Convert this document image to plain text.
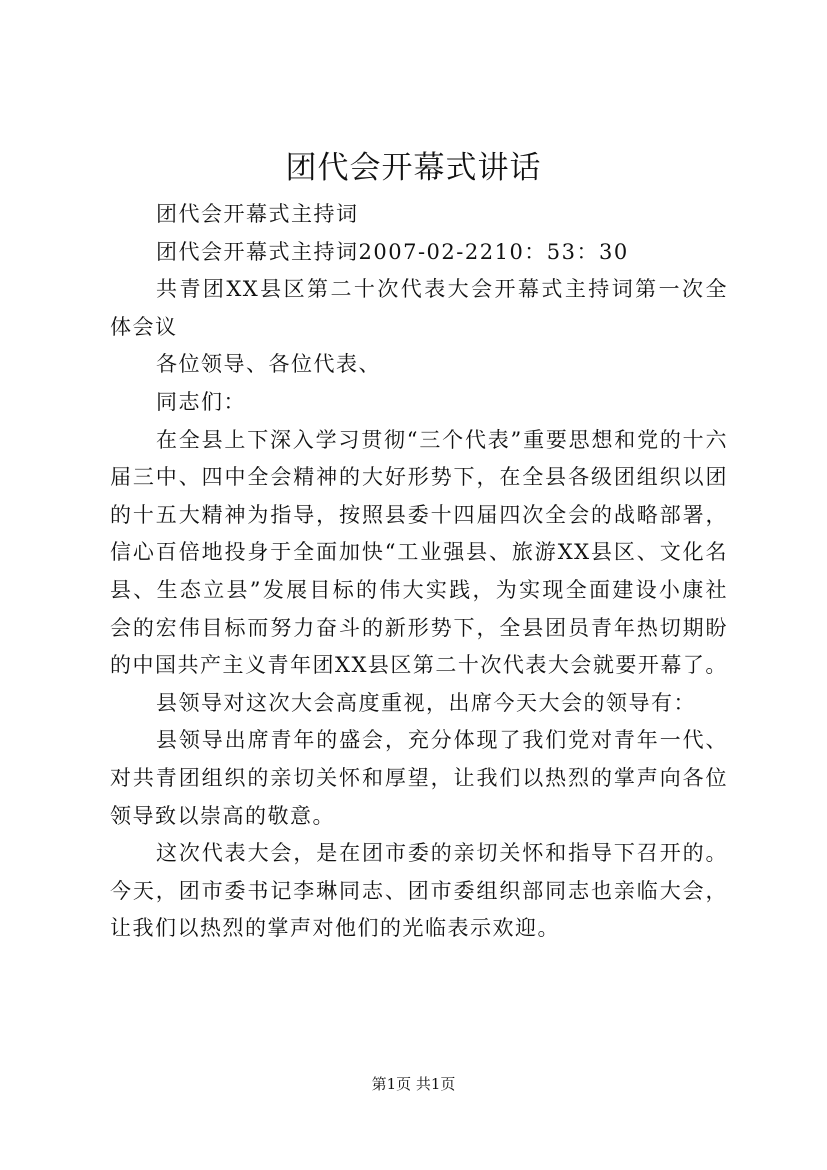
团代会开幕式讲话

团代会开幕式主持词

团代会开幕式主持词2007-02-2210：53：30

共青团XX县区第二十次代表大会开幕式主持词第一次全体会议

各位领导、各位代表、

同志们：

在全县上下深入学习贯彻“三个代表”重要思想和党的十六届三中、四中全会精神的大好形势下，在全县各级团组织以团的十五大精神为指导，按照县委十四届四次全会的战略部署，信心百倍地投身于全面加快“工业强县、旅游XX县区、文化名县、生态立县”发展目标的伟大实践，为实现全面建设小康社会的宏伟目标而努力奋斗的新形势下，全县团员青年热切期盼的中国共产主义青年团XX县区第二十次代表大会就要开幕了。

县领导对这次大会高度重视，出席今天大会的领导有：

县领导出席青年的盛会，充分体现了我们党对青年一代、对共青团组织的亲切关怀和厚望，让我们以热烈的掌声向各位领导致以崇高的敬意。

这次代表大会，是在团市委的亲切关怀和指导下召开的。今天，团市委书记李琳同志、团市委组织部同志也亲临大会，让我们以热烈的掌声对他们的光临表示欢迎。

第1页 共1页
